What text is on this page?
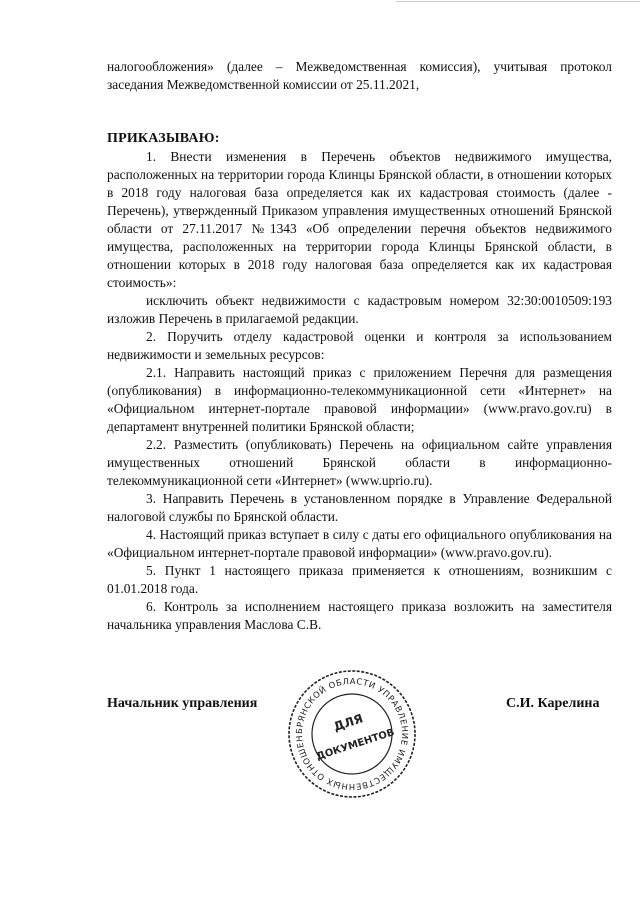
налогообложения» (далее – Межведомственная комиссия), учитывая протокол заседания Межведомственной комиссии от 25.11.2021,

ПРИКАЗЫВАЮ:

1. Внести изменения в Перечень объектов недвижимого имущества, расположенных на территории города Клинцы Брянской области, в отношении которых в 2018 году налоговая база определяется как их кадастровая стоимость (далее - Перечень), утвержденный Приказом управления имущественных отношений Брянской области от 27.11.2017 №1343 «Об определении перечня объектов недвижимого имущества, расположенных на территории города Клинцы Брянской области, в отношении которых в 2018 году налоговая база определяется как их кадастровая стоимость»:

исключить объект недвижимости с кадастровым номером 32:30:0010509:193 изложив Перечень в прилагаемой редакции.

2. Поручить отделу кадастровой оценки и контроля за использованием недвижимости и земельных ресурсов:

2.1. Направить настоящий приказ с приложением Перечня для размещения (опубликования) в информационно-телекоммуникационной сети «Интернет» на «Официальном интернет-портале правовой информации» (www.pravo.gov.ru) в департамент внутренней политики Брянской области;

2.2. Разместить (опубликовать) Перечень на официальном сайте управления имущественных отношений Брянской области в информационно-телекоммуникационной сети «Интернет» (www.uprio.ru).

3. Направить Перечень в установленном порядке в Управление Федеральной налоговой службы по Брянской области.

4. Настоящий приказ вступает в силу с даты его официального опубликования на «Официальном интернет-портале правовой информации» (www.pravo.gov.ru).

5. Пункт 1 настоящего приказа применяется к отношениям, возникшим с 01.01.2018 года.

6. Контроль за исполнением настоящего приказа возложить на заместителя начальника управления Маслова С.В.

Начальник управления	С.И. Карелина
БРЯНСКОЙ ОБЛАСТИ УПРАВЛЕНИЕ ИМУЩЕСТВЕННЫХ ОТНОШЕН
ДЛЯ
ДОКУМЕНТОВ
